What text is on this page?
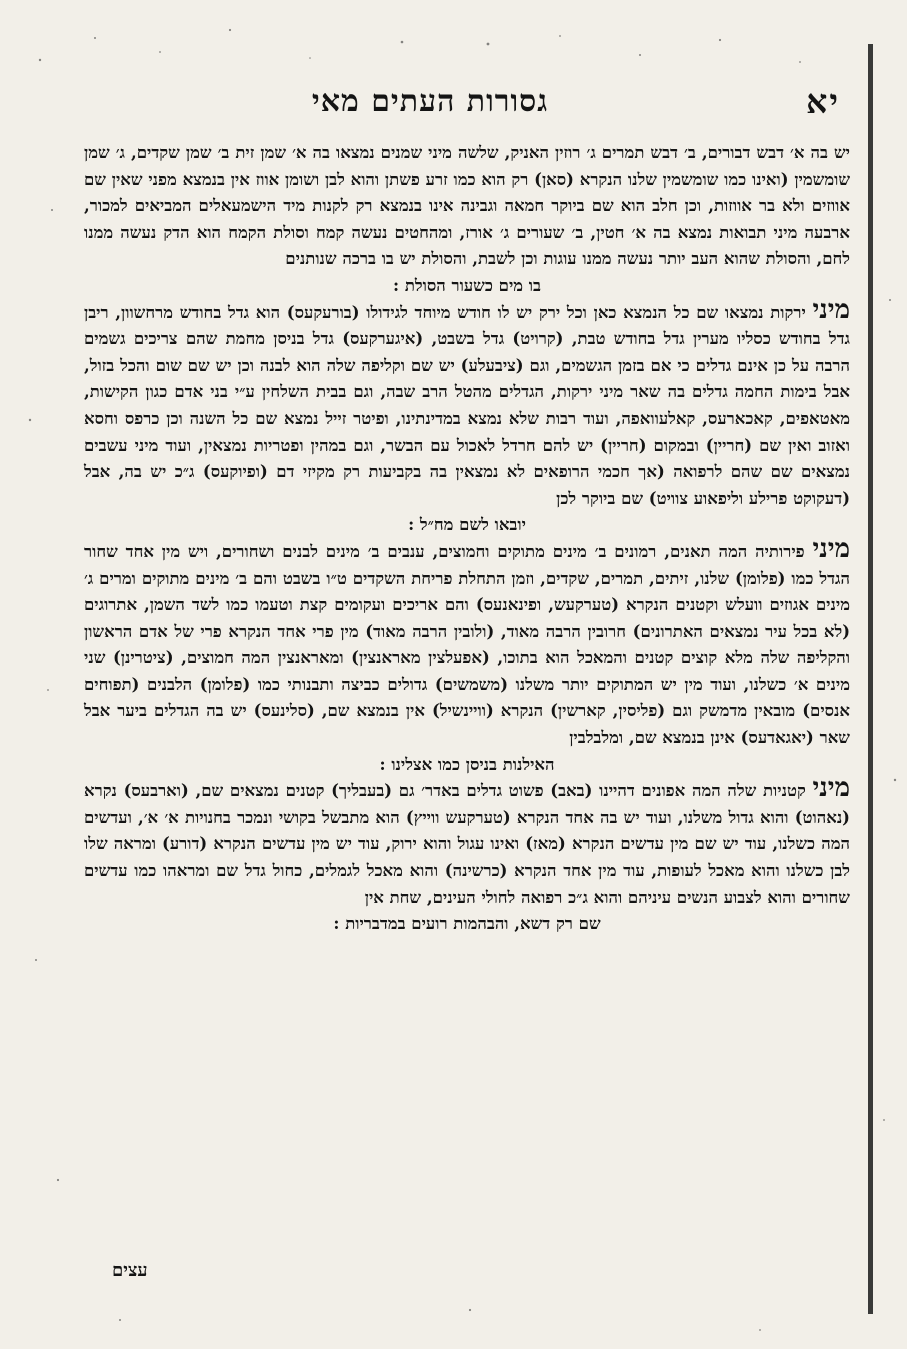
יא
גסורות העתים מאי
יש בה א׳ דבש דבורים, ב׳ דבש תמרים ג׳ רוזין האניק, שלשה מיני שמנים נמצאו בה א׳ שמן זית ב׳ שמן שקדים, ג׳ שמן שומשמין (ואינו כמו שומשמין שלנו הנקרא (סאן) רק הוא כמו זרע פשתן והוא לבן ושומן אווז אין בנמצא מפני שאין שם אווזים ולא בר אווזות, וכן חלב הוא שם ביוקר חמאה וגבינה אינו בנמצא רק לקנות מיד הישמעאלים המביאים למכור, ארבעה מיני תבואות נמצא בה א׳ חטין, ב׳ שעורים ג׳ אורז, ומהחטים נעשה קמח וסולת הקמח הוא הדק נעשה ממנו לחם, והסולת שהוא העב יותר נעשה ממנו עוגות וכן לשבת, והסולת יש בו ברכה שנותנים
בו מים כשעור הסולת :
מיני ירקות נמצאו שם כל הנמצא כאן וכל ירק יש לו חודש מיוחד לגידולו (בורעקעס) הוא גדל בחודש מרחשוון, ריבן גדל בחודש כסליו מערין גדל בחודש טבת, (קרויט) גדל בשבט, (איגערקעס) גדל בניסן מחמת שהם צריכים גשמים הרבה על כן אינם גדלים כי אם בזמן הגשמים, וגם (ציבעלע) יש שם וקליפה שלה הוא לבנה וכן יש שם שום והכל בזול, אבל בימות החמה גדלים בה שאר מיני ירקות, הגדלים מהטל הרב שבה, וגם בבית השלחין ע״י בני אדם כגון הקישות, מאטאפים, קאכארעס, קאלעוואפה, ועוד רבות שלא נמצא במדינתינו, ופיטר זייל נמצא שם כל השנה וכן כרפס וחסא ואזוב ואין שם (חריין) ובמקום (חריין) יש להם חרדל לאכול עם הבשר, וגם במהין ופטריות נמצאין, ועוד מיני עשבים נמצאים שם שהם לרפואה (אך חכמי הרופאים לא נמצאין בה בקביעות רק מקיזי דם (ופיוקעס) ג״כ יש בה, אבל (דעקוקט פרילע וליפאוע צוויט) שם ביוקר לכן
יובאו לשם מח״ל :
מיני פירותיה המה תאנים, רמונים ב׳ מינים מתוקים וחמוצים, ענבים ב׳ מינים לבנים ושחורים, ויש מין אחד שחור הגדל כמו (פלומן) שלנו, זיתים, תמרים, שקדים, וזמן התחלת פריחת השקדים ט״ו בשבט והם ב׳ מינים מתוקים ומרים ג׳ מינים אגוזים וועלש וקטנים הנקרא (טערקעש, ופינאנעס) והם אריכים ועקומים קצת וטעמו כמו לשד השמן, אתרוגים (לא בכל עיר נמצאים האתרונים) חרובין הרבה מאוד, (ולובין הרבה מאוד) מין פרי אחד הנקרא פרי של אדם הראשון והקליפה שלה מלא קוצים קטנים והמאכל הוא בתוכו, (אפעלצין מאראנצין) ומאראנצין המה חמוצים, (ציטרינן) שני מינים א׳ כשלנו, ועוד מין יש המתוקים יותר משלנו (משמשים) גדולים כביצה ותבנותי כמו (פלומן) הלבנים (תפוחים אנסים) מובאין מדמשק וגם (פליסין, קארשין) הנקרא (וויינשיל) אין בנמצא שם, (סלינעס) יש בה הגדלים ביער אבל שאר (יאגאדעס) אינן בנמצא שם, ומלבלבין
האילנות בניסן כמו אצלינו :
מיני קטניות שלה המה אפונים דהיינו (באב) פשוט גדלים באדר׳ גם (בעבליך) קטנים נמצאים שם, (וארבעס) נקרא (נאהוט) והוא גדול משלנו, ועוד יש בה אחד הנקרא (טערקעש ווייץ) הוא מתבשל בקושי ונמכר בחנויות א׳ א׳, ועדשים המה כשלנו, עוד יש שם מין עדשים הנקרא (מאז) ואינו עגול והוא ירוק, עוד יש מין עדשים הנקרא (דורע) ומראה שלו לבן כשלנו והוא מאכל לעופות, עוד מין אחד הנקרא (כרשינה) והוא מאכל לגמלים, כחול גדל שם ומראהו כמו עדשים שחורים והוא לצבוע הנשים עיניהם והוא ג״כ רפואה לחולי העינים, שחת אין
שם רק דשא, והבהמות רועים במדבריות :
עצים
